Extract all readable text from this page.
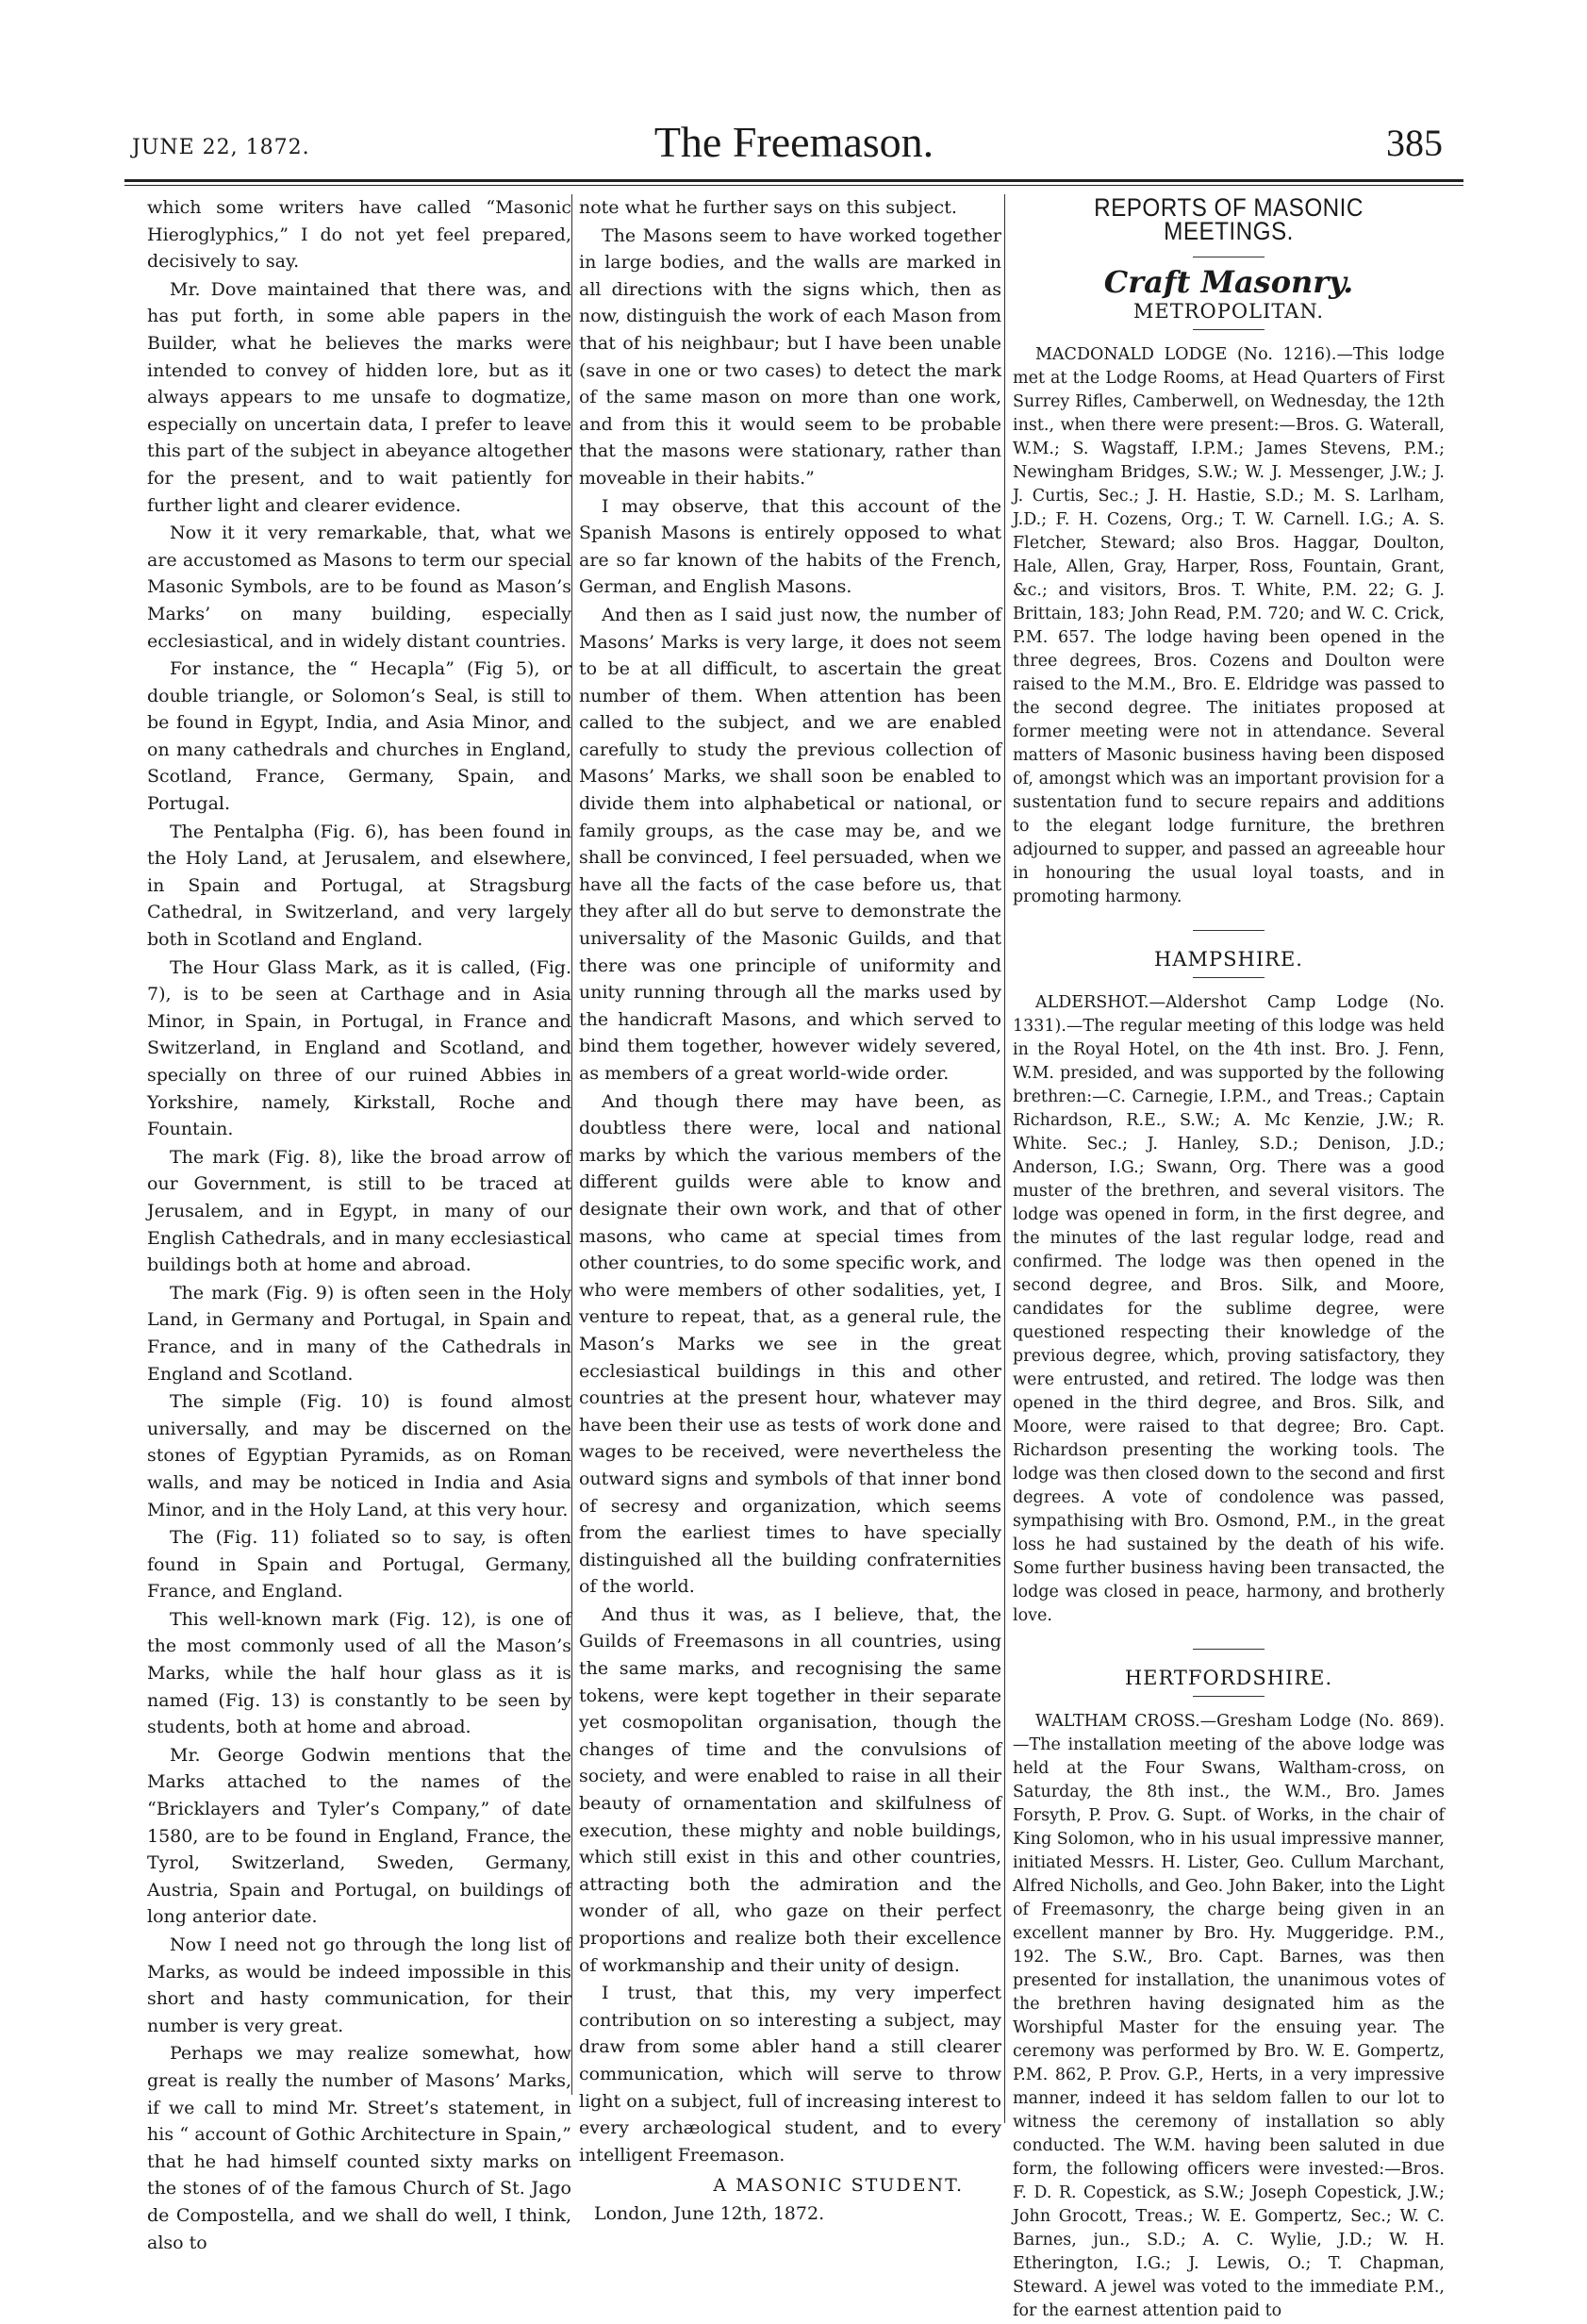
JUNE 22, 1872.	The Freemason.	385

which some writers have called “Masonic Hieroglyphics,” I do not yet feel prepared, decisively to say.

Mr. Dove maintained that there was, and has put forth, in some able papers in the Builder, what he believes the marks were intended to convey of hidden lore, but as it always appears to me unsafe to dogmatize, especially on uncertain data, I prefer to leave this part of the subject in abeyance altogether for the present, and to wait patiently for further light and clearer evidence.

Now it it very remarkable, that, what we are accustomed as Masons to term our special Masonic Symbols, are to be found as Mason’s Marks’ on many building, especially ecclesiastical, and in widely distant countries.

For instance, the “ Hecapla” (Fig 5), or double triangle, or Solomon’s Seal, is still to be found in Egypt, India, and Asia Minor, and on many cathedrals and churches in England, Scotland, France, Germany, Spain, and Portugal.

The Pentalpha (Fig. 6), has been found in the Holy Land, at Jerusalem, and elsewhere, in Spain and Portugal, at Stragsburg Cathedral, in Switzerland, and very largely both in Scotland and England.

The Hour Glass Mark, as it is called, (Fig. 7), is to be seen at Carthage and in Asia Minor, in Spain, in Portugal, in France and Switzerland, in England and Scotland, and specially on three of our ruined Abbies in Yorkshire, namely, Kirkstall, Roche and Fountain.

The mark (Fig. 8), like the broad arrow of our Government, is still to be traced at Jerusalem, and in Egypt, in many of our English Cathedrals, and in many ecclesiastical buildings both at home and abroad.

The mark (Fig. 9) is often seen in the Holy Land, in Germany and Portugal, in Spain and France, and in many of the Cathedrals in England and Scotland.

The simple (Fig. 10) is found almost universally, and may be discerned on the stones of Egyptian Pyramids, as on Roman walls, and may be noticed in India and Asia Minor, and in the Holy Land, at this very hour.

The (Fig. 11) foliated so to say, is often found in Spain and Portugal, Germany, France, and England.

This well-known mark (Fig. 12), is one of the most commonly used of all the Mason’s Marks, while the half hour glass as it is named (Fig. 13) is constantly to be seen by students, both at home and abroad.

Mr. George Godwin mentions that the Marks attached to the names of the “Bricklayers and Tyler’s Company,” of date 1580, are to be found in England, France, the Tyrol, Switzerland, Sweden, Germany, Austria, Spain and Portugal, on buildings of long anterior date.

Now I need not go through the long list of Marks, as would be indeed impossible in this short and hasty communication, for their number is very great.

Perhaps we may realize somewhat, how great is really the number of Masons’ Marks, if we call to mind Mr. Street’s statement, in his “ account of Gothic Architecture in Spain,” that he had himself counted sixty marks on the stones of of the famous Church of St. Jago de Compostella, and we shall do well, I think, also to

note what he further says on this subject.

The Masons seem to have worked together in large bodies, and the walls are marked in all directions with the signs which, then as now, distinguish the work of each Mason from that of his neighbaur; but I have been unable (save in one or two cases) to detect the mark of the same mason on more than one work, and from this it would seem to be probable that the masons were stationary, rather than moveable in their habits.”

I may observe, that this account of the Spanish Masons is entirely opposed to what are so far known of the habits of the French, German, and English Masons.

And then as I said just now, the number of Masons’ Marks is very large, it does not seem to be at all difficult, to ascertain the great number of them. When attention has been called to the subject, and we are enabled carefully to study the previous collection of Masons’ Marks, we shall soon be enabled to divide them into alphabetical or national, or family groups, as the case may be, and we shall be convinced, I feel persuaded, when we have all the facts of the case before us, that they after all do but serve to demonstrate the universality of the Masonic Guilds, and that there was one principle of uniformity and unity running through all the marks used by the handicraft Masons, and which served to bind them together, however widely severed, as members of a great world-wide order.

And though there may have been, as doubtless there were, local and national marks by which the various members of the different guilds were able to know and designate their own work, and that of other masons, who came at special times from other countries, to do some specific work, and who were members of other sodalities, yet, I venture to repeat, that, as a general rule, the Mason’s Marks we see in the great ecclesiastical buildings in this and other countries at the present hour, whatever may have been their use as tests of work done and wages to be received, were nevertheless the outward signs and symbols of that inner bond of secresy and organization, which seems from the earliest times to have specially distinguished all the building confraternities of the world.

And thus it was, as I believe, that, the Guilds of Freemasons in all countries, using the same marks, and recognising the same tokens, were kept together in their separate yet cosmopolitan organisation, though the changes of time and the convulsions of society, and were enabled to raise in all their beauty of ornamentation and skilfulness of execution, these mighty and noble buildings, which still exist in this and other countries, attracting both the admiration and the wonder of all, who gaze on their perfect proportions and realize both their excellence of workmanship and their unity of design.

I trust, that this, my very imperfect contribution on so interesting a subject, may draw from some abler hand a still clearer communication, which will serve to throw light on a subject, full of increasing interest to every archæological student, and to every intelligent Freemason.

A MASONIC STUDENT.

London, June 12th, 1872.

REPORTS OF MASONIC MEETINGS.
Craft Masonry.
METROPOLITAN.

MACDONALD LODGE (No. 1216).—This lodge met at the Lodge Rooms, at Head Quarters of First Surrey Rifles, Camberwell, on Wednesday, the 12th inst., when there were present:—Bros. G. Waterall, W.M.; S. Wagstaff, I.P.M.; James Stevens, P.M.; Newingham Bridges, S.W.; W. J. Messenger, J.W.; J. J. Curtis, Sec.; J. H. Hastie, S.D.; M. S. Larlham, J.D.; F. H. Cozens, Org.; T. W. Carnell. I.G.; A. S. Fletcher, Steward; also Bros. Haggar, Doulton, Hale, Allen, Gray, Harper, Ross, Fountain, Grant, &c.; and visitors, Bros. T. White, P.M. 22; G. J. Brittain, 183; John Read, P.M. 720; and W. C. Crick, P.M. 657. The lodge having been opened in the three degrees, Bros. Cozens and Doulton were raised to the M.M., Bro. E. Eldridge was passed to the second degree. The initiates proposed at former meeting were not in attendance. Several matters of Masonic business having been disposed of, amongst which was an important provision for a sustentation fund to secure repairs and additions to the elegant lodge furniture, the brethren adjourned to supper, and passed an agreeable hour in honouring the usual loyal toasts, and in promoting harmony.

HAMPSHIRE.

ALDERSHOT.—Aldershot Camp Lodge (No. 1331).—The regular meeting of this lodge was held in the Royal Hotel, on the 4th inst. Bro. J. Fenn, W.M. presided, and was supported by the following brethren:—C. Carnegie, I.P.M., and Treas.; Captain Richardson, R.E., S.W.; A. Mc Kenzie, J.W.; R. White. Sec.; J. Hanley, S.D.; Denison, J.D.; Anderson, I.G.; Swann, Org. There was a good muster of the brethren, and several visitors. The lodge was opened in form, in the first degree, and the minutes of the last regular lodge, read and confirmed. The lodge was then opened in the second degree, and Bros. Silk, and Moore, candidates for the sublime degree, were questioned respecting their knowledge of the previous degree, which, proving satisfactory, they were entrusted, and retired. The lodge was then opened in the third degree, and Bros. Silk, and Moore, were raised to that degree; Bro. Capt. Richardson presenting the working tools. The lodge was then closed down to the second and first degrees. A vote of condolence was passed, sympathising with Bro. Osmond, P.M., in the great loss he had sustained by the death of his wife. Some further business having been transacted, the lodge was closed in peace, harmony, and brotherly love.

HERTFORDSHIRE.

WALTHAM CROSS.—Gresham Lodge (No. 869).—The installation meeting of the above lodge was held at the Four Swans, Waltham-cross, on Saturday, the 8th inst., the W.M., Bro. James Forsyth, P. Prov. G. Supt. of Works, in the chair of King Solomon, who in his usual impressive manner, initiated Messrs. H. Lister, Geo. Cullum Marchant, Alfred Nicholls, and Geo. John Baker, into the Light of Freemasonry, the charge being given in an excellent manner by Bro. Hy. Muggeridge. P.M., 192. The S.W., Bro. Capt. Barnes, was then presented for installation, the unanimous votes of the brethren having designated him as the Worshipful Master for the ensuing year. The ceremony was performed by Bro. W. E. Gompertz, P.M. 862, P. Prov. G.P., Herts, in a very impressive manner, indeed it has seldom fallen to our lot to witness the ceremony of installation so ably conducted. The W.M. having been saluted in due form, the following officers were invested:—Bros. F. D. R. Copestick, as S.W.; Joseph Copestick, J.W.; John Grocott, Treas.; W. E. Gompertz, Sec.; W. C. Barnes, jun., S.D.; A. C. Wylie, J.D.; W. H. Etherington, I.G.; J. Lewis, O.; T. Chapman, Steward. A jewel was voted to the immediate P.M., for the earnest attention paid to
